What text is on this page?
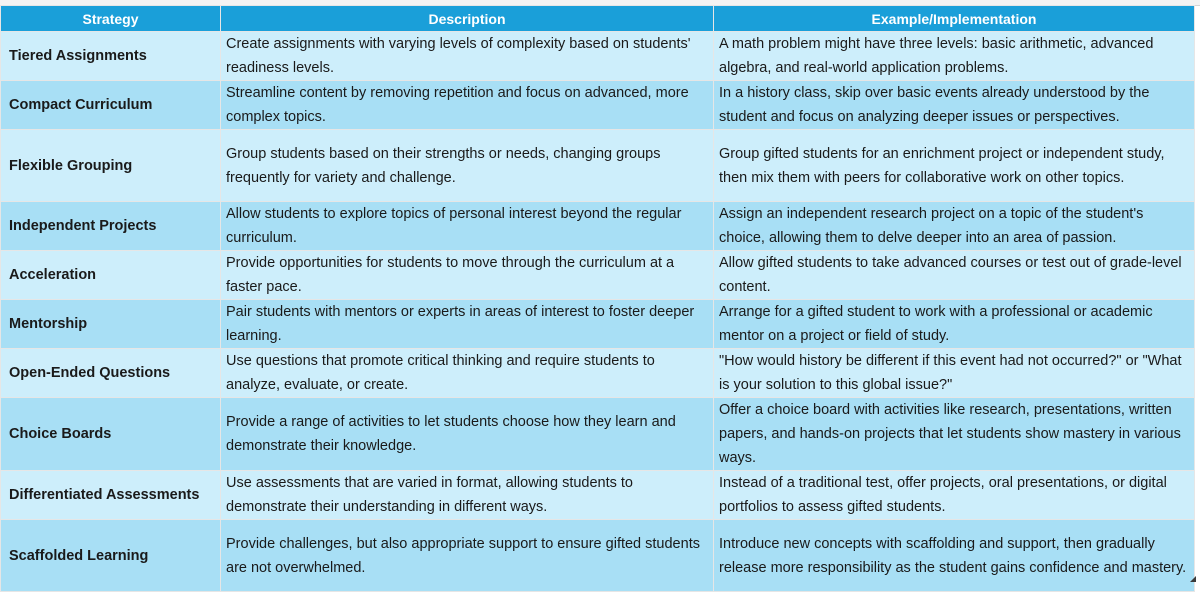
Strategy	Description	Example/Implementation
Tiered Assignments	Create assignments with varying levels of complexity based on students' readiness levels.	A math problem might have three levels: basic arithmetic, advanced algebra, and real-world application problems.
Compact Curriculum	Streamline content by removing repetition and focus on advanced, more complex topics.	In a history class, skip over basic events already understood by the student and focus on analyzing deeper issues or perspectives.
Flexible Grouping	Group students based on their strengths or needs, changing groups frequently for variety and challenge.	Group gifted students for an enrichment project or independent study, then mix them with peers for collaborative work on other topics.
Independent Projects	Allow students to explore topics of personal interest beyond the regular curriculum.	Assign an independent research project on a topic of the student's choice, allowing them to delve deeper into an area of passion.
Acceleration	Provide opportunities for students to move through the curriculum at a faster pace.	Allow gifted students to take advanced courses or test out of grade-level content.
Mentorship	Pair students with mentors or experts in areas of interest to foster deeper learning.	Arrange for a gifted student to work with a professional or academic mentor on a project or field of study.
Open-Ended Questions	Use questions that promote critical thinking and require students to analyze, evaluate, or create.	"How would history be different if this event had not occurred?" or "What is your solution to this global issue?"
Choice Boards	Provide a range of activities to let students choose how they learn and demonstrate their knowledge.	Offer a choice board with activities like research, presentations, written papers, and hands-on projects that let students show mastery in various ways.
Differentiated Assessments	Use assessments that are varied in format, allowing students to demonstrate their understanding in different ways.	Instead of a traditional test, offer projects, oral presentations, or digital portfolios to assess gifted students.
Scaffolded Learning	Provide challenges, but also appropriate support to ensure gifted students are not overwhelmed.	Introduce new concepts with scaffolding and support, then gradually release more responsibility as the student gains confidence and mastery.
